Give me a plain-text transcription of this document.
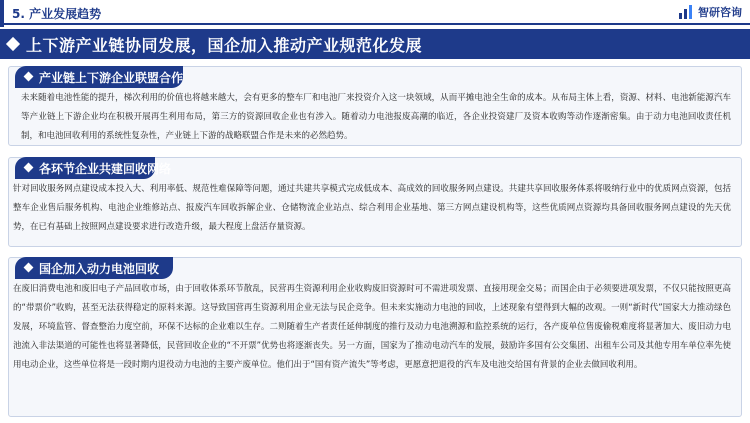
5. 产业发展趋势	智研咨询
上下游产业链协同发展，国企加入推动产业规范化发展
产业链上下游企业联盟合作
未来随着电池性能的提升，梯次利用的价值也将越来越大，会有更多的整车厂和电池厂来投资介入这一块领域，从而平摊电池全生命的成本。从布局主体上看，资源、材料、电池新能源汽车等产业链上下游企业均在积极开展再生利用布局，第三方的资源回收企业也有涉入。随着动力电池报废高潮的临近，各企业投资建厂及资本收购等动作逐渐密集。由于动力电池回收责任机制，和电池回收利用的系统性复杂性，产业链上下游的战略联盟合作是未来的必然趋势。
各环节企业共建回收网络
针对回收服务网点建设成本投入大、利用率低、规范性难保障等问题，通过共建共享模式完成低成本、高成效的回收服务网点建设。共建共享回收服务体系将吸纳行业中的优质网点资源，包括整车企业售后服务机构、电池企业维修站点、报废汽车回收拆解企业、仓储物流企业站点、综合利用企业基地、第三方网点建设机构等，这些优质网点资源均具备回收服务网点建设的先天优势，在已有基础上按照网点建设要求进行改造升级，最大程度上盘活存量资源。
国企加入动力电池回收
在废旧消费电池和废旧电子产品回收市场，由于回收体系环节散乱，民营再生资源利用企业收购废旧资源时可不需进项发票、直接用现金交易；而国企由于必须要进项发票，不仅只能按照更高的“带票价”收购，甚至无法获得稳定的原料来源。这导致国营再生资源利用企业无法与民企竞争。但未来实施动力电池的回收，上述现象有望得到大幅的改观。一则“新时代”国家大力推动绿色发展，环境监管、督查整治力度空前，环保不达标的企业难以生存。二则随着生产者责任延伸制度的推行及动力电池溯源和监控系统的运行，各产废单位售废偷税难度将显著加大、废旧动力电池流入非法渠道的可能性也将显著降低，民营回收企业的“不开票”优势也将逐渐丧失。另一方面，国家为了推动电动汽车的发展，鼓励许多国有公交集团、出租车公司及其他专用车单位率先使用电动企业，这些单位将是一段时期内退役动力电池的主要产废单位。他们出于“国有资产流失”等考虑，更愿意把退役的汽车及电池交给国有背景的企业去做回收利用。
